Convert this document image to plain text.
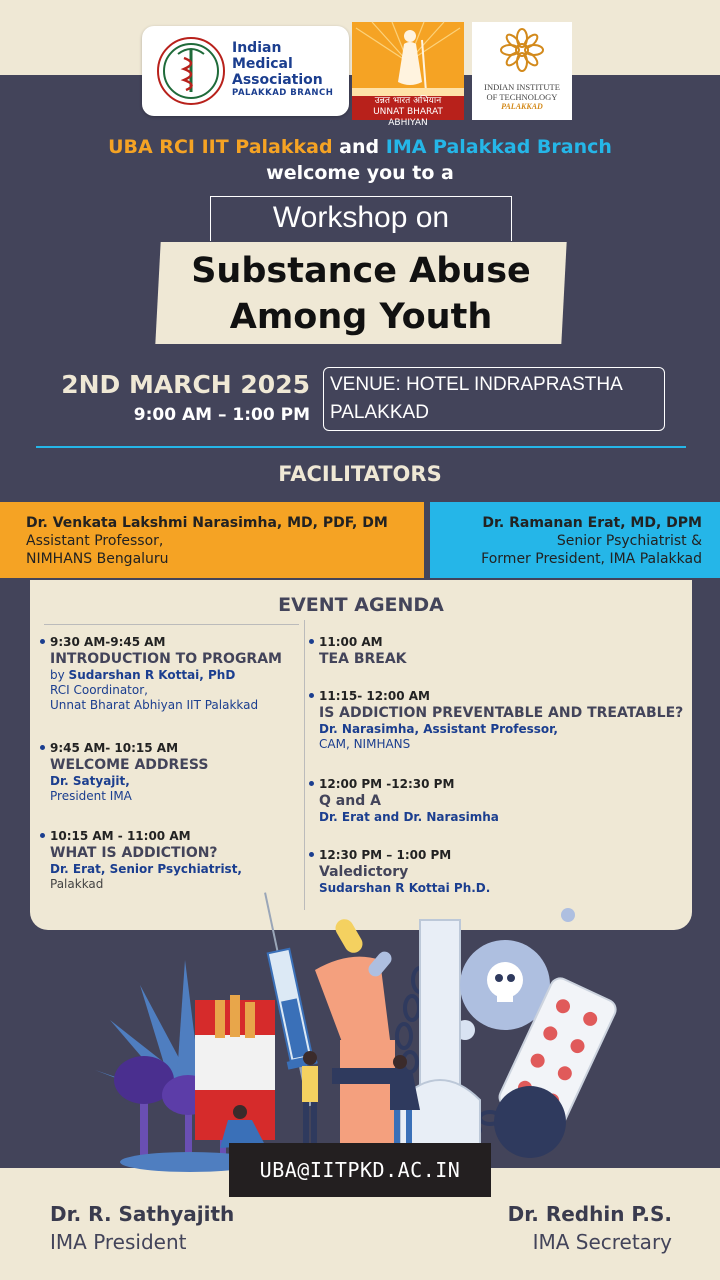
Indian
Medical
Association
PALAKKAD BRANCH
उन्नत भारत अभियान
UNNAT BHARAT ABHIYAN
INDIAN INSTITUTE
OF TECHNOLOGY
PALAKKAD
UBA RCI IIT Palakkad and IMA Palakkad Branch
welcome you to a
Workshop on
Substance Abuse
Among Youth
2ND MARCH 2025
9:00 AM – 1:00 PM
VENUE: HOTEL INDRAPRASTHA
PALAKKAD
FACILITATORS
Dr. Venkata Lakshmi Narasimha, MD, PDF, DM
Assistant Professor,
NIMHANS Bengaluru
Dr. Ramanan Erat, MD, DPM
Senior Psychiatrist &
Former President, IMA Palakkad
EVENT AGENDA
9:30 AM-9:45 AM
INTRODUCTION TO PROGRAM
by Sudarshan R Kottai, PhD
RCI Coordinator,
Unnat Bharat Abhiyan IIT Palakkad
9:45 AM- 10:15 AM
WELCOME ADDRESS
Dr. Satyajit,
President IMA
10:15 AM - 11:00 AM
WHAT IS ADDICTION?
Dr. Erat, Senior Psychiatrist,
Palakkad
11:00 AM
TEA BREAK
11:15- 12:00 AM
IS ADDICTION PREVENTABLE AND TREATABLE?
Dr. Narasimha, Assistant Professor,
CAM, NIMHANS
12:00 PM -12:30 PM
Q and A
Dr. Erat and Dr. Narasimha
12:30 PM – 1:00 PM
Valedictory
Sudarshan R Kottai Ph.D.
UBA@IITPKD.AC.IN
Dr. R. Sathyajith
IMA President
Dr. Redhin P.S.
IMA Secretary
